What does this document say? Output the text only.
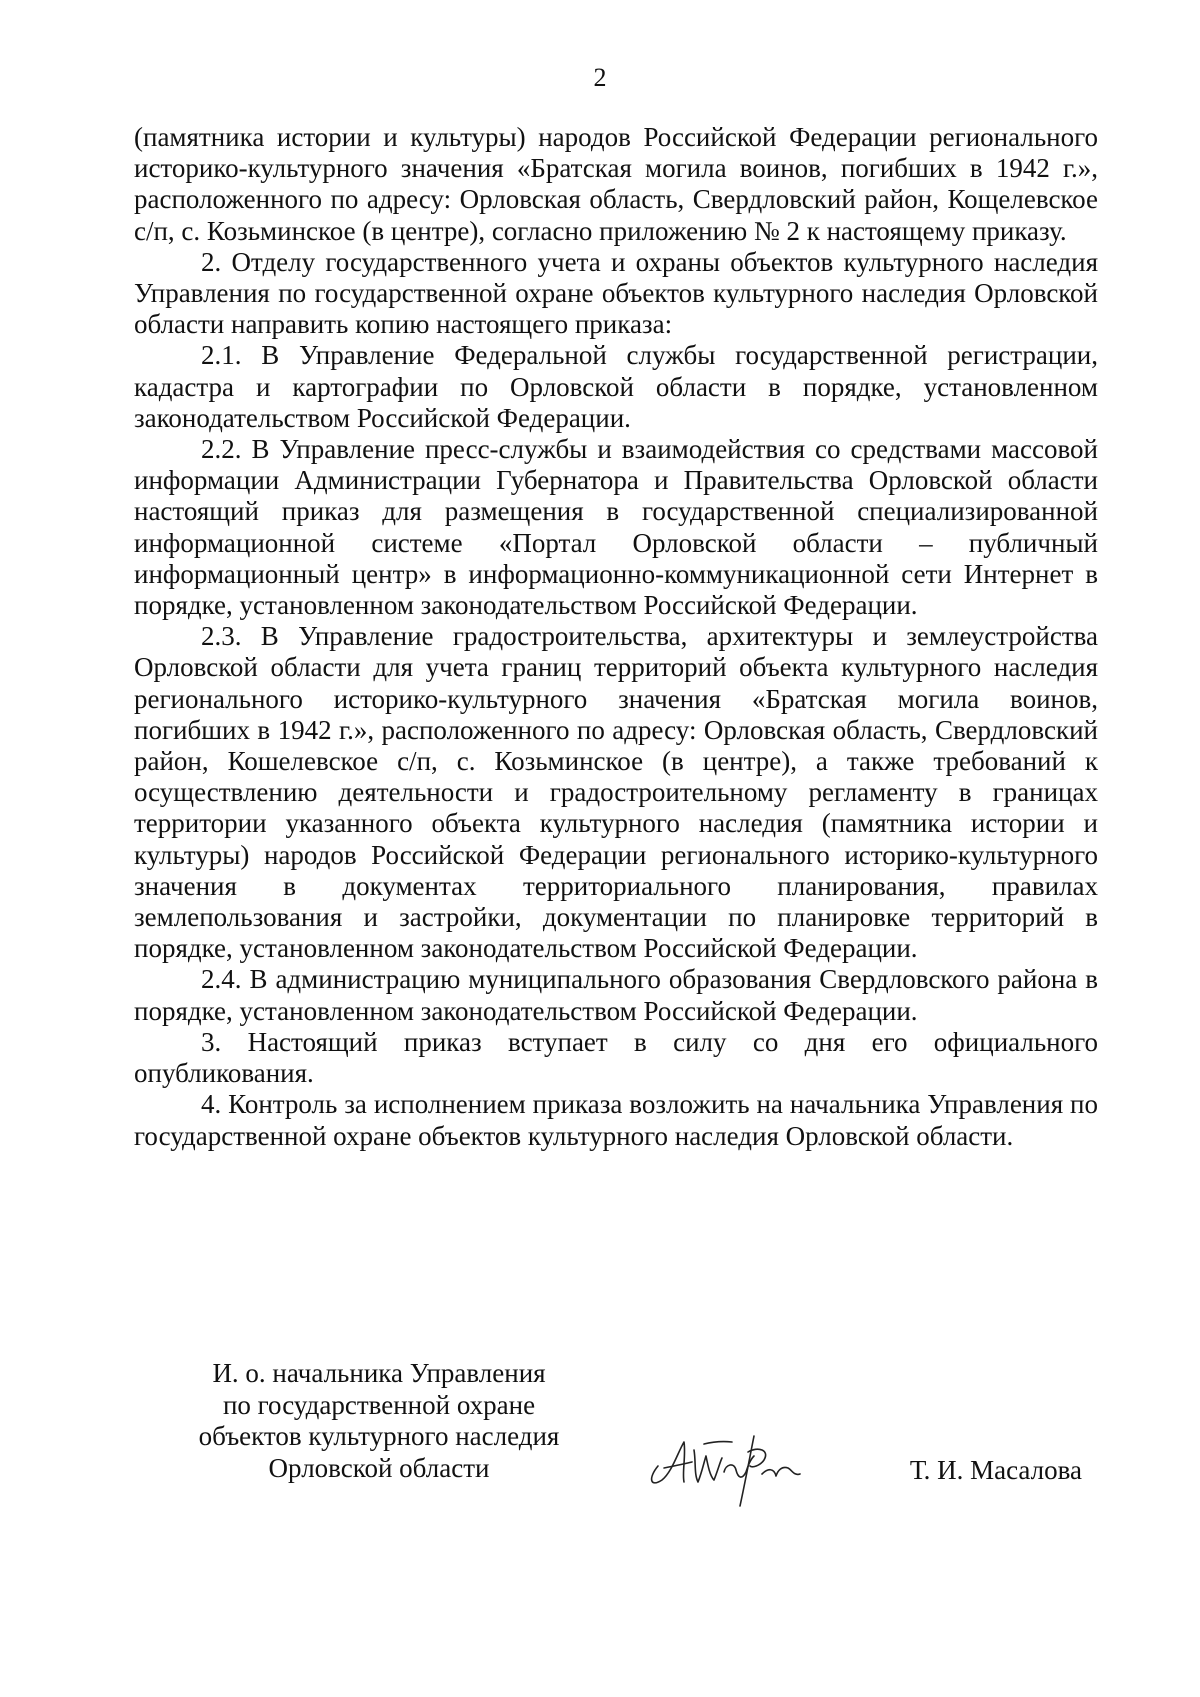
2

(памятника истории и культуры) народов Российской Федерации регионального историко-культурного значения «Братская могила воинов, погибших в 1942 г.», расположенного по адресу: Орловская область, Свердловский район, Кощелевское с/п, с. Козьминское (в центре), согласно приложению № 2 к настоящему приказу.

2. Отделу государственного учета и охраны объектов культурного наследия Управления по государственной охране объектов культурного наследия Орловской области направить копию настоящего приказа:

2.1. В Управление Федеральной службы государственной регистрации, кадастра и картографии по Орловской области в порядке, установленном законодательством Российской Федерации.

2.2. В Управление пресс-службы и взаимодействия со средствами массовой информации Администрации Губернатора и Правительства Орловской области настоящий приказ для размещения в государственной специализированной информационной системе «Портал Орловской области – публичный информационный центр» в информационно-коммуникационной сети Интернет в порядке, установленном законодательством Российской Федерации.

2.3. В Управление градостроительства, архитектуры и землеустройства Орловской области для учета границ территорий объекта культурного наследия регионального историко-культурного значения «Братская могила воинов, погибших в 1942 г.», расположенного по адресу: Орловская область, Свердловский район, Кошелевское с/п, с. Козьминское (в центре), а также требований к осуществлению деятельности и градостроительному регламенту в границах территории указанного объекта культурного наследия (памятника истории и культуры) народов Российской Федерации регионального историко-культурного значения в документах территориального планирования, правилах землепользования и застройки, документации по планировке территорий в порядке, установленном законодательством Российской Федерации.

2.4. В администрацию муниципального образования Свердловского района в порядке, установленном законодательством Российской Федерации.

3. Настоящий приказ вступает в силу со дня его официального опубликования.

4. Контроль за исполнением приказа возложить на начальника Управления по государственной охране объектов культурного наследия Орловской области.

И. о. начальника Управления
по государственной охране
объектов культурного наследия
Орловской области	Т. И. Масалова
